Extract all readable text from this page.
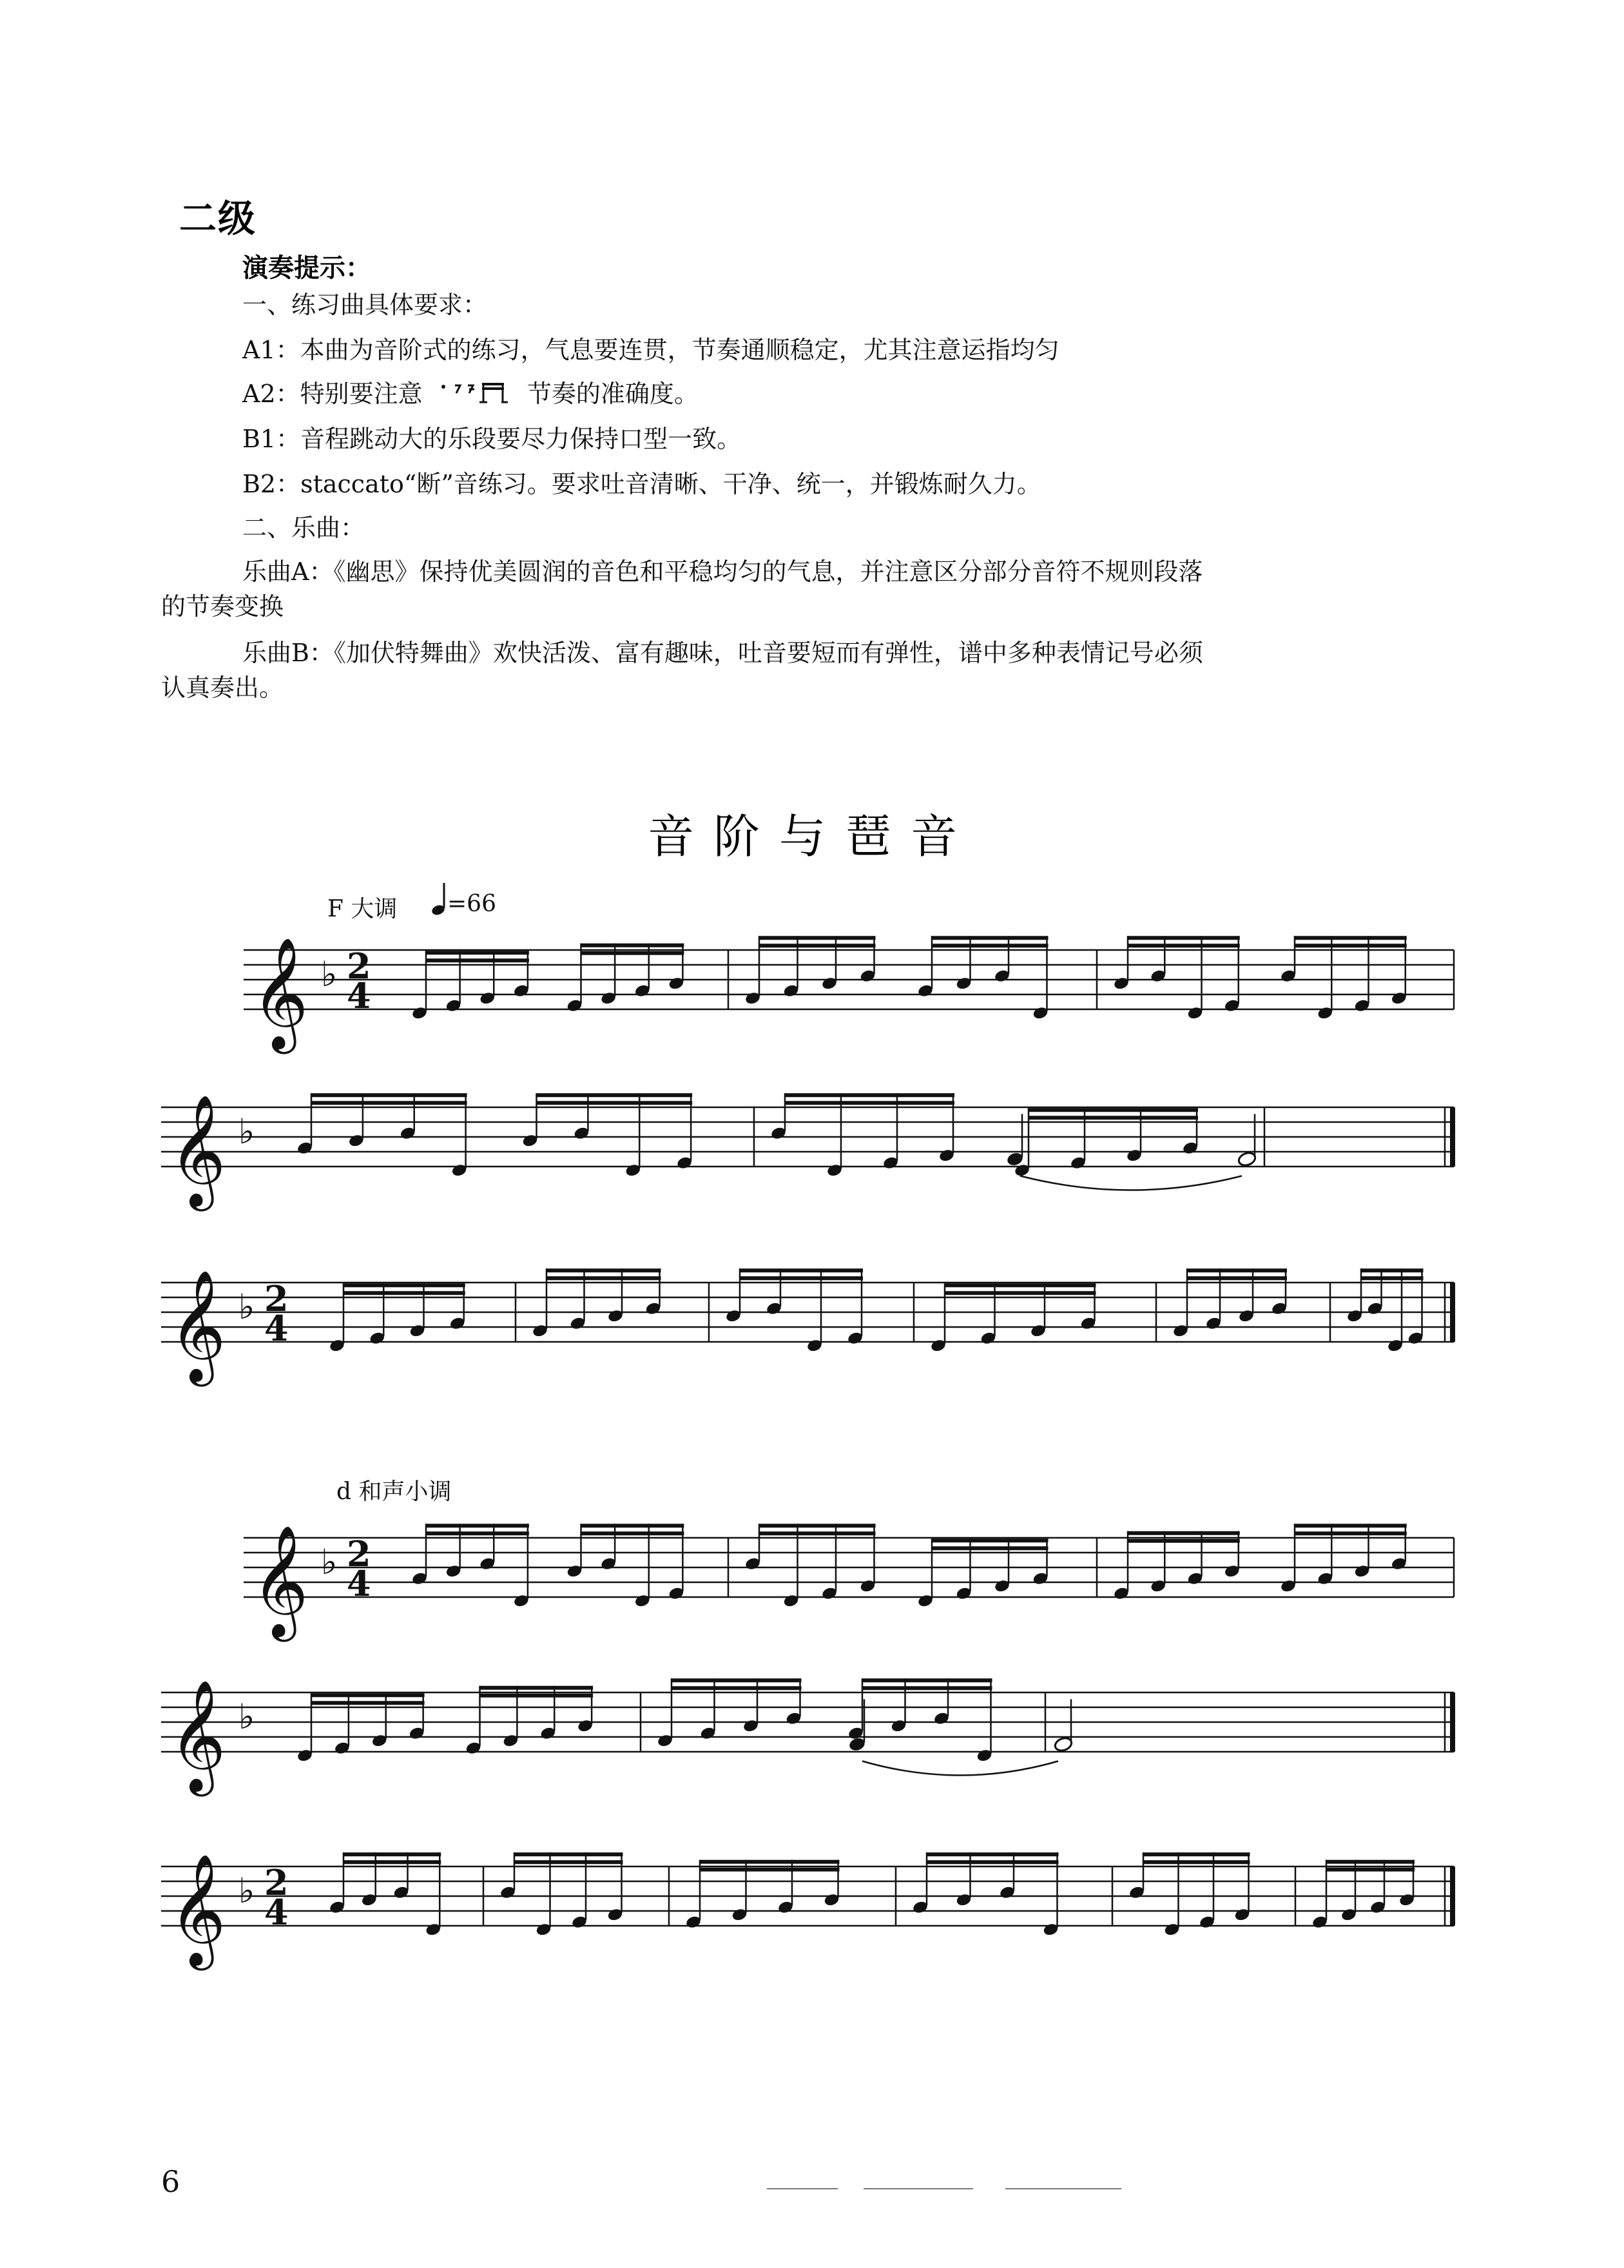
二级
演奏提示：
一、练习曲具体要求：
A1：本曲为音阶式的练习，气息要连贯，节奏通顺稳定，尤其注意运指均匀
A2：特别要注意	节奏的准确度。
B1：音程跳动大的乐段要尽力保持口型一致。
B2：staccato“断”音练习。要求吐音清晰、干净、统一，并锻炼耐久力。
二、乐曲：
乐曲A：《幽思》保持优美圆润的音色和平稳均匀的气息，并注意区分部分音符不规则段落
的节奏变换
乐曲B：《加伏特舞曲》欢快活泼、富有趣味，吐音要短而有弹性，谱中多种表情记号必须
认真奏出。
音阶与琶音
F 大调 =66
d 和声小调
𝄞 ♭ 2
4
𝄞 ♭
𝄞 ♭ 2
4
𝄞 ♭ 2
4
𝄞 ♭
𝄞 ♭ 2
4
6
